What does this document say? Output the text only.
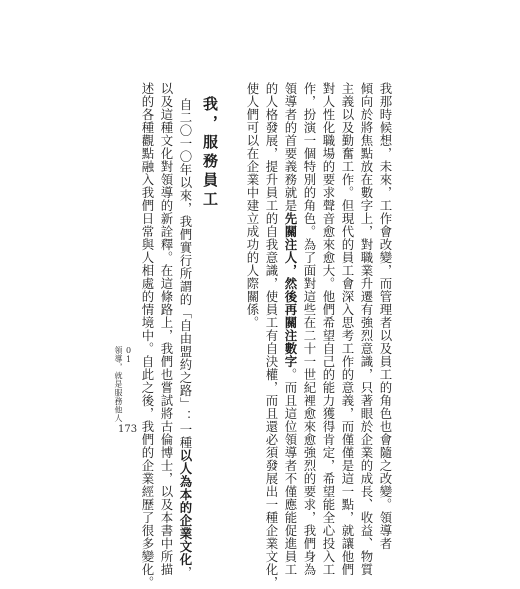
我那時候想，未來，工作會改變，而管理者以及員工的角色也會隨之改變。領導者
傾向於將焦點放在數字上，對職業升遷有強烈意識，只著眼於企業的成長、收益、物質
主義以及勤奮工作。但現代的員工會深入思考工作的意義，而僅僅是這一點，就讓他們
對人性化職場的要求聲音愈來愈大。他們希望自己的能力獲得肯定，希望能全心投入工
作，扮演一個特別的角色。為了面對這些在二十一世紀裡愈來愈強烈的要求，我們身為
領導者的首要義務就是先關注人，然後再關注數字。而且這位領導者不僅應能促進員工
的人格發展，提升員工的自我意識，使員工有自決權，而且還必須發展出一種企業文化，
使人們可以在企業中建立成功的人際關係。
我，服務員工
自二〇一〇年以來，我們實行所謂的「自由盟約之路」：一種以人為本的企業文化，
以及這種文化對領導的新詮釋。在這條路上，我們也嘗試將古倫博士，以及本書中所描
述的各種觀點融入我們日常與人相處的情境中。自此之後，我們的企業經歷了很多變化。
01
領導，就是服務他人
173
